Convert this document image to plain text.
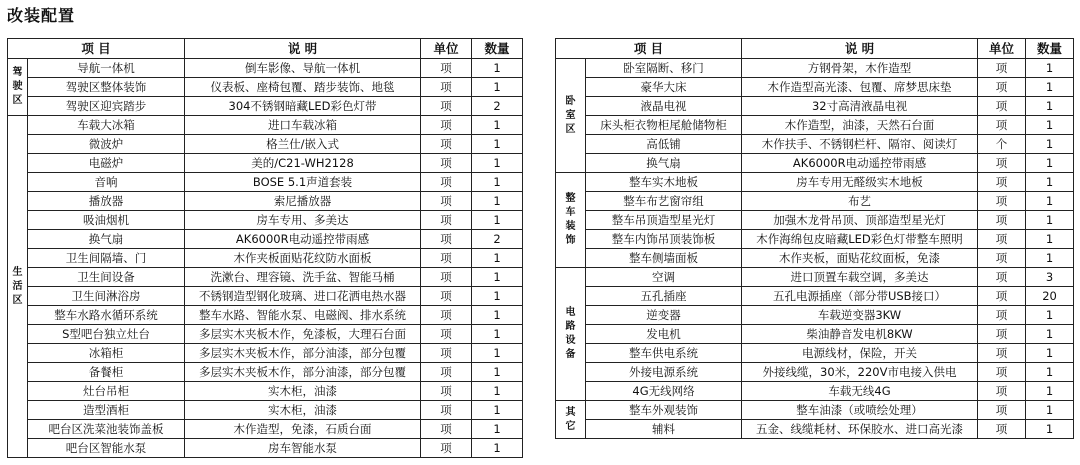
改装配置
项 目		说 明	单位	数量
驾驶区	导航一体机	倒车影像、导航一体机	项	1
	驾驶区整体装饰	仪表板、座椅包覆、踏步装饰、地毯	项	1
	驾驶区迎宾踏步	304不锈钢暗藏LED彩色灯带	项	2
生活区	车载大冰箱	进口车载冰箱	项	1
	微波炉	格兰仕/嵌入式	项	1
	电磁炉	美的/C21-WH2128	项	1
	音响	BOSE 5.1声道套装	项	1
	播放器	索尼播放器	项	1
	吸油烟机	房车专用、多美达	项	1
	换气扇	AK6000R电动遥控带雨感	项	2
	卫生间隔墙、门	木作夹板面贴花纹防水面板	项	1
	卫生间设备	洗漱台、理容镜、洗手盆、智能马桶	项	1
	卫生间淋浴房	不锈钢造型钢化玻璃、进口花洒电热水器	项	1
	整车水路水循环系统	整车水路、智能水泵、电磁阀、排水系统	项	1
	S型吧台独立灶台	多层实木夹板木作，免漆板，大理石台面	项	1
	冰箱柜	多层实木夹板木作，部分油漆，部分包覆	项	1
	备餐柜	多层实木夹板木作，部分油漆，部分包覆	项	1
	灶台吊柜	实木柜，油漆	项	1
	造型酒柜	实木柜，油漆	项	1
	吧台区洗菜池装饰盖板	木作造型，免漆，石质台面	项	1
	吧台区智能水泵	房车智能水泵	项	1
项 目		说 明	单位	数量
卧室区	卧室隔断、移门	方钢骨架，木作造型	项	1
	豪华大床	木作造型高光漆、包覆、席梦思床垫	项	1
	液晶电视	32寸高清液晶电视	项	1
	床头柜衣物柜尾舱储物柜	木作造型，油漆，天然石台面	项	1
	高低铺	木作扶手、不锈钢栏杆、隔帘、阅读灯	个	1
	换气扇	AK6000R电动遥控带雨感	项	1
整车装饰	整车实木地板	房车专用无醛级实木地板	项	1
	整车布艺窗帘组	布艺	项	1
	整车吊顶造型星光灯	加强木龙骨吊顶、顶部造型星光灯	项	1
	整车内饰吊顶装饰板	木作海绵包皮暗藏LED彩色灯带整车照明	项	1
	整车侧墙面板	木作夹板，面贴花纹面板，免漆	项	1
电路设备	空调	进口顶置车载空调，多美达	项	3
	五孔插座	五孔电源插座（部分带USB接口）	项	20
	逆变器	车载逆变器3KW	项	1
	发电机	柴油静音发电机8KW	项	1
	整车供电系统	电源线材，保险，开关	项	1
	外接电源系统	外接线缆，30米，220V市电接入供电	项	1
	4G无线网络	车载无线4G	项	1
其它	整车外观装饰	整车油漆（或喷绘处理）	项	1
	辅料	五金、线缆耗材、环保胶水、进口高光漆	项	1
